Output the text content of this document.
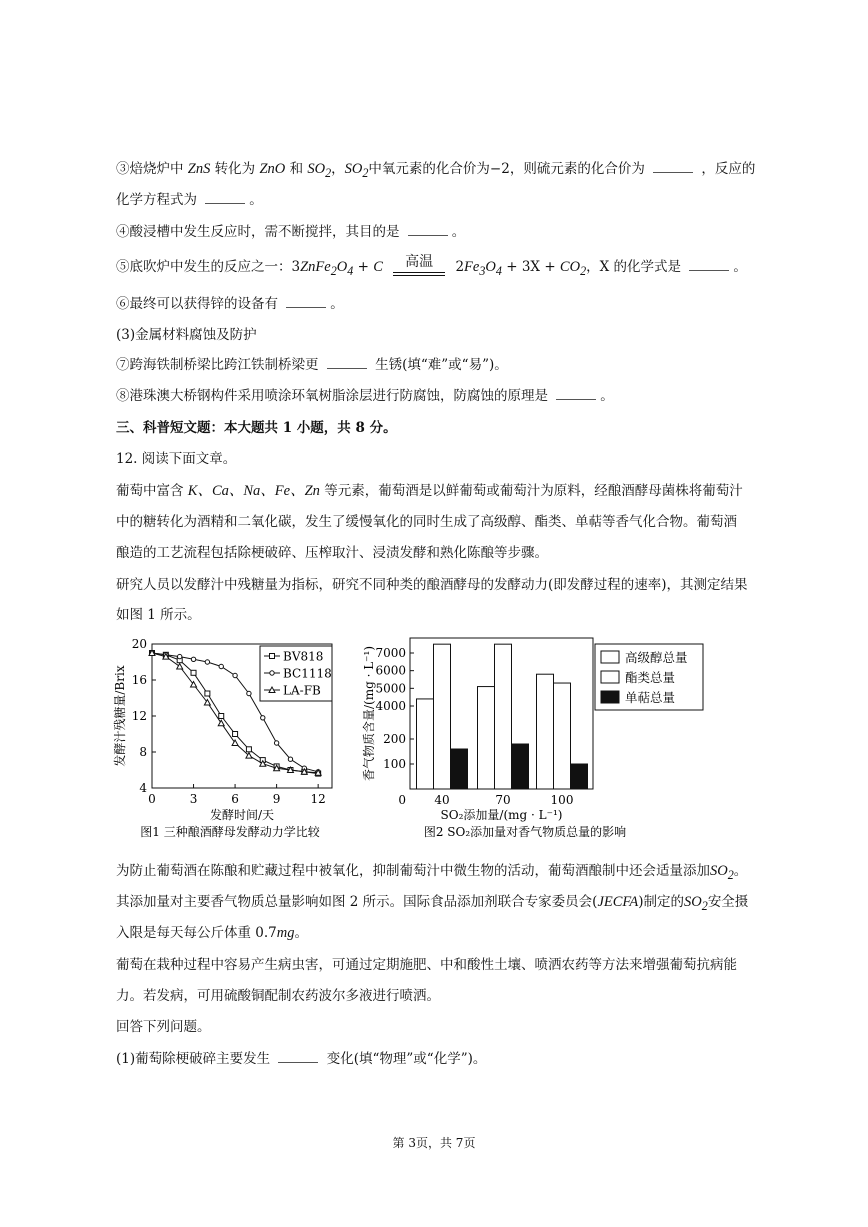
③焙烧炉中 ZnS 转化为 ZnO 和 $SO_2$，$SO_2$中氧元素的化合价为−2，则硫元素的化合价为	，反应的
化学方程式为	。
④酸浸槽中发生反应时，需不断搅拌，其目的是	。
⑤底吹炉中发生的反应之一：$3ZnFe_2O_4 + C$	高温	$2Fe_3O_4 + 3X + CO_2$，X 的化学式是	。
⑥最终可以获得锌的设备有	。
(3)金属材料腐蚀及防护
⑦跨海铁制桥梁比跨江铁制桥梁更	生锈(填“难”或“易”)。
⑧港珠澳大桥钢构件采用喷涂环氧树脂涂层进行防腐蚀，防腐蚀的原理是	。
三、科普短文题：本大题共 1 小题，共 8 分。
12. 阅读下面文章。
葡萄中富含 K、Ca、Na、Fe、Zn 等元素，葡萄酒是以鲜葡萄或葡萄汁为原料，经酿酒酵母菌株将葡萄汁
中的糖转化为酒精和二氧化碳，发生了缓慢氧化的同时生成了高级醇、酯类、单萜等香气化合物。葡萄酒
酿造的工艺流程包括除梗破碎、压榨取汁、浸渍发酵和熟化陈酿等步骤。
研究人员以发酵汁中残糖量为指标，研究不同种类的酿酒酵母的发酵动力(即发酵过程的速率)，其测定结果
如图 1 所示。
4
8
12
16
20
0	3	6	9	12
发酵时间/天
发酵汁残糖量/Brix
BV818
BC1118
LA-FB
图1 三种酿酒酵母发酵动力学比较
100
200
4000
5000
6000
7000
0 40	70	100
SO₂添加量/(mg · L⁻¹)
香气物质含量/(mg · L⁻¹)	高级醇总量
酯类总量
单萜总量
图2 SO₂添加量对香气物质总量的影响
为防止葡萄酒在陈酿和贮藏过程中被氧化，抑制葡萄汁中微生物的活动，葡萄酒酿制中还会适量添加$SO_2$。
其添加量对主要香气物质总量影响如图 2 所示。国际食品添加剂联合专家委员会(JECFA)制定的$SO_2$安全摄
入限是每天每公斤体重 0.7mg。
葡萄在栽种过程中容易产生病虫害，可通过定期施肥、中和酸性土壤、喷洒农药等方法来增强葡萄抗病能
力。若发病，可用硫酸铜配制农药波尔多液进行喷洒。
回答下列问题。
(1)葡萄除梗破碎主要发生	变化(填“物理”或“化学”)。
第 3页，共 7页
